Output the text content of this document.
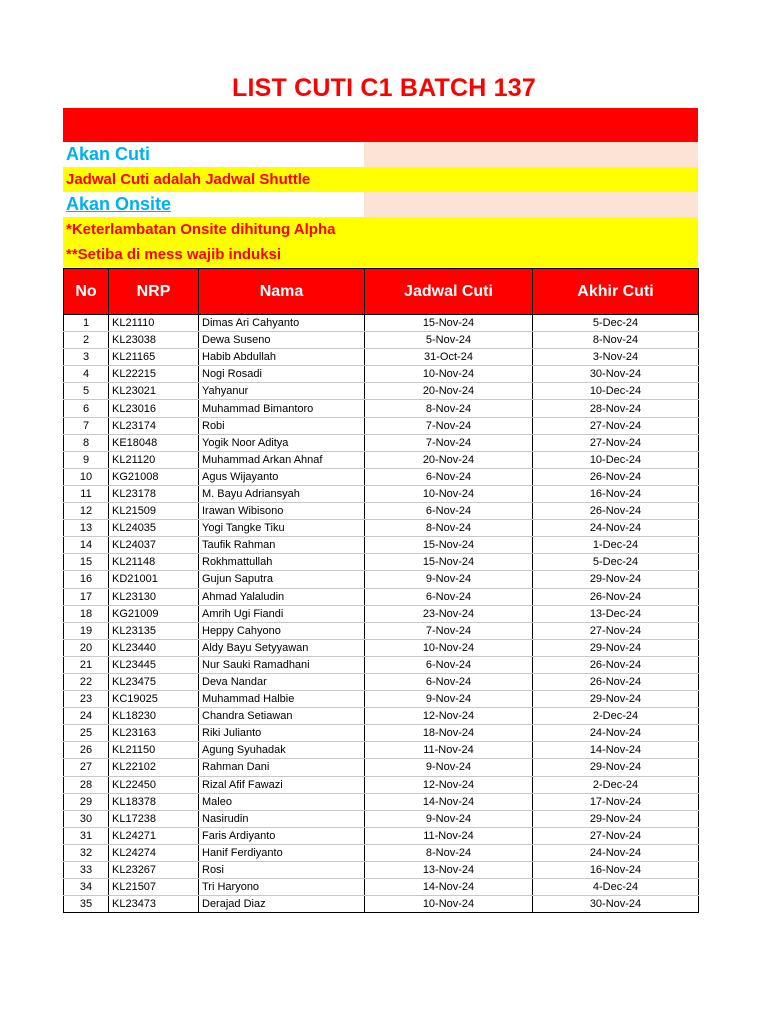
LIST CUTI C1 BATCH 137
Akan Cuti
Jadwal Cuti adalah Jadwal Shuttle
Akan Onsite
*Keterlambatan Onsite dihitung Alpha
**Setiba di mess wajib induksi
No	NRP	Nama	Jadwal Cuti	Akhir Cuti
1	KL21110	Dimas Ari Cahyanto	15-Nov-24	5-Dec-24
2	KL23038	Dewa Suseno	5-Nov-24	8-Nov-24
3	KL21165	Habib Abdullah	31-Oct-24	3-Nov-24
4	KL22215	Nogi Rosadi	10-Nov-24	30-Nov-24
5	KL23021	Yahyanur	20-Nov-24	10-Dec-24
6	KL23016	Muhammad Bimantoro	8-Nov-24	28-Nov-24
7	KL23174	Robi	7-Nov-24	27-Nov-24
8	KE18048	Yogik Noor Aditya	7-Nov-24	27-Nov-24
9	KL21120	Muhammad Arkan Ahnaf	20-Nov-24	10-Dec-24
10	KG21008	Agus Wijayanto	6-Nov-24	26-Nov-24
11	KL23178	M. Bayu Adriansyah	10-Nov-24	16-Nov-24
12	KL21509	Irawan Wibisono	6-Nov-24	26-Nov-24
13	KL24035	Yogi Tangke Tiku	8-Nov-24	24-Nov-24
14	KL24037	Taufik Rahman	15-Nov-24	1-Dec-24
15	KL21148	Rokhmattullah	15-Nov-24	5-Dec-24
16	KD21001	Gujun Saputra	9-Nov-24	29-Nov-24
17	KL23130	Ahmad Yalaludin	6-Nov-24	26-Nov-24
18	KG21009	Amrih Ugi Fiandi	23-Nov-24	13-Dec-24
19	KL23135	Heppy Cahyono	7-Nov-24	27-Nov-24
20	KL23440	Aldy Bayu Setyyawan	10-Nov-24	29-Nov-24
21	KL23445	Nur Sauki Ramadhani	6-Nov-24	26-Nov-24
22	KL23475	Deva Nandar	6-Nov-24	26-Nov-24
23	KC19025	Muhammad Halbie	9-Nov-24	29-Nov-24
24	KL18230	Chandra Setiawan	12-Nov-24	2-Dec-24
25	KL23163	Riki Julianto	18-Nov-24	24-Nov-24
26	KL21150	Agung Syuhadak	11-Nov-24	14-Nov-24
27	KL22102	Rahman Dani	9-Nov-24	29-Nov-24
28	KL22450	Rizal Afif Fawazi	12-Nov-24	2-Dec-24
29	KL18378	Maleo	14-Nov-24	17-Nov-24
30	KL17238	Nasirudin	9-Nov-24	29-Nov-24
31	KL24271	Faris Ardiyanto	11-Nov-24	27-Nov-24
32	KL24274	Hanif Ferdiyanto	8-Nov-24	24-Nov-24
33	KL23267	Rosi	13-Nov-24	16-Nov-24
34	KL21507	Tri Haryono	14-Nov-24	4-Dec-24
35	KL23473	Derajad Diaz	10-Nov-24	30-Nov-24
